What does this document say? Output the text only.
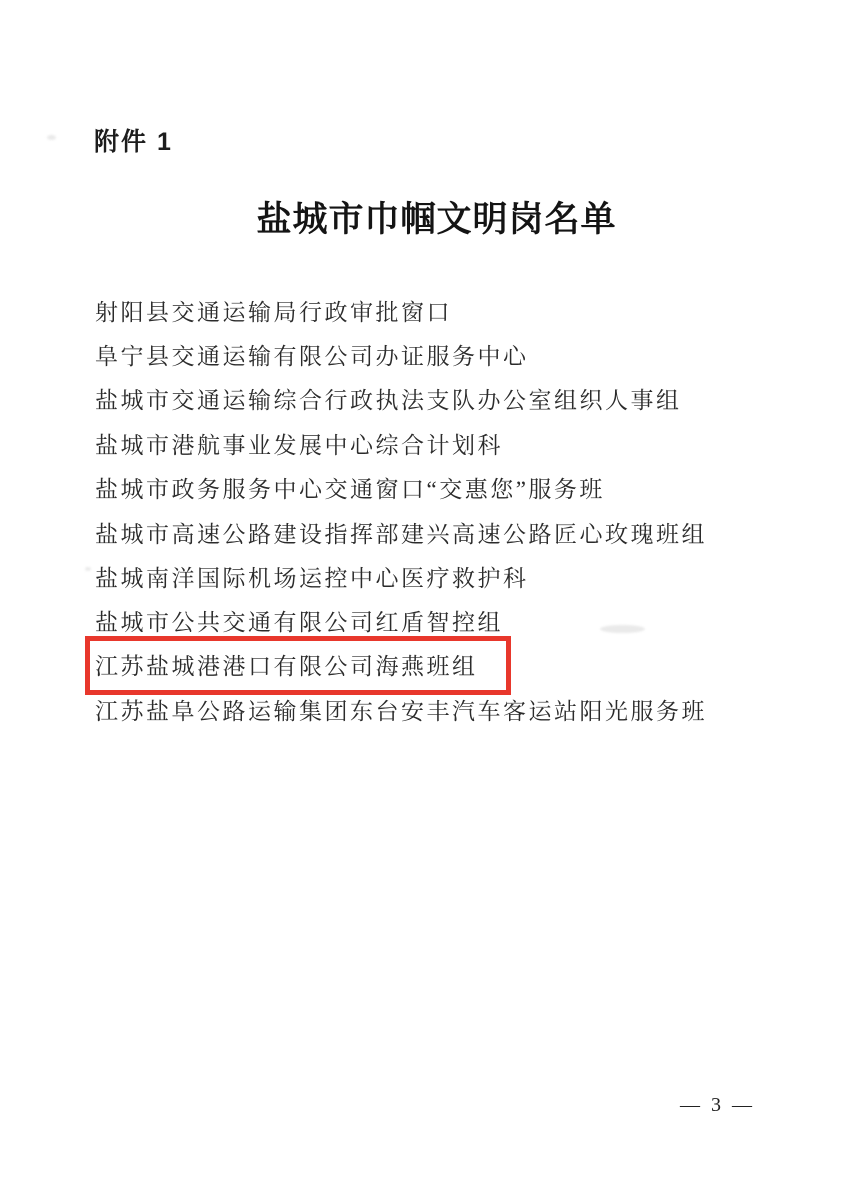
附件 1
盐城市巾帼文明岗名单
射阳县交通运输局行政审批窗口
阜宁县交通运输有限公司办证服务中心
盐城市交通运输综合行政执法支队办公室组织人事组
盐城市港航事业发展中心综合计划科
盐城市政务服务中心交通窗口“交惠您”服务班
盐城市高速公路建设指挥部建兴高速公路匠心玫瑰班组
盐城南洋国际机场运控中心医疗救护科
盐城市公共交通有限公司红盾智控组
江苏盐城港港口有限公司海燕班组
江苏盐阜公路运输集团东台安丰汽车客运站阳光服务班
— 3 —
